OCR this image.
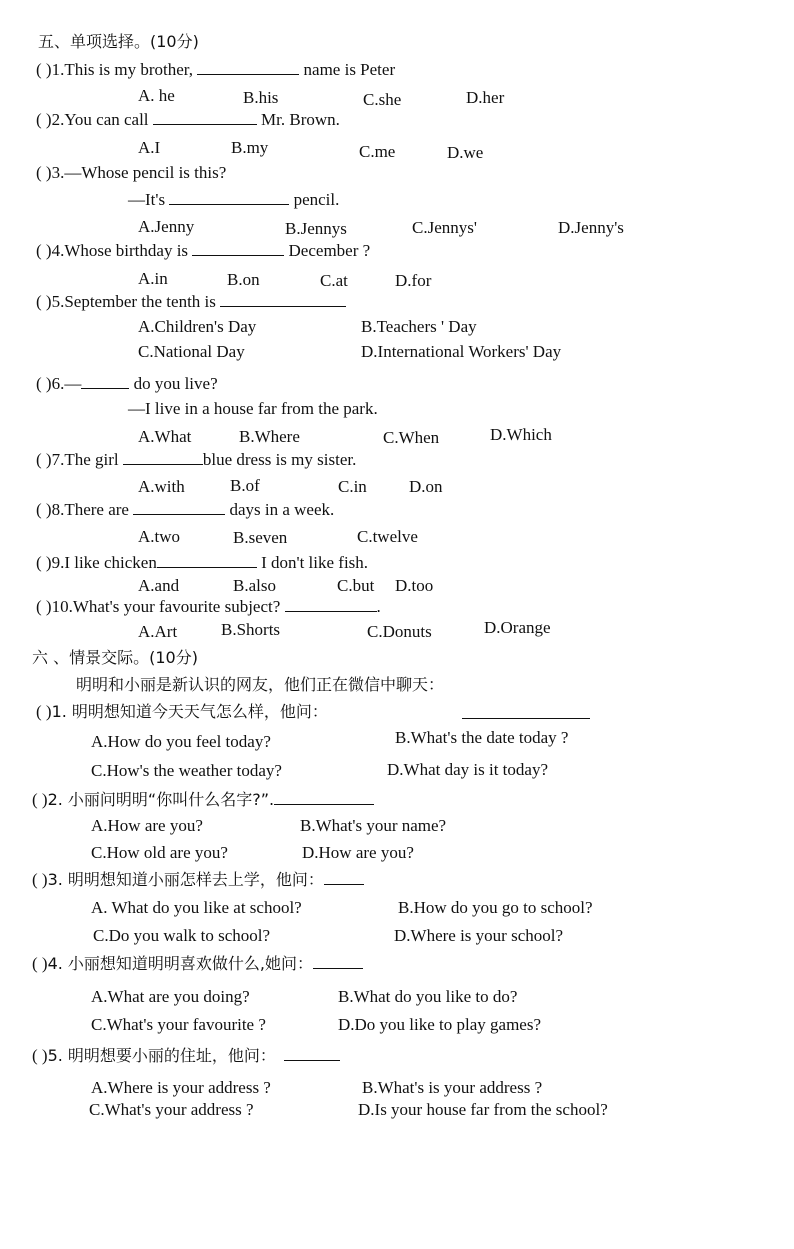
五、单项选择。(10分)
( )1.This is my brother,	name is Peter
A. he	B.his	C.she	D.her
( )2.You can call	Mr. Brown.
A.I	B.my	C.me	D.we
( )3.—Whose pencil is this?
—It's	pencil.
A.Jenny	B.Jennys	C.Jennys'	D.Jenny's
( )4.Whose birthday is	December ?
A.in	B.on	C.at	D.for
( )5.September the tenth is
A.Children's Day	B.Teachers ' Day
C.National Day	D.International Workers' Day
( )6.—	do you live?
—I live in a house far from the park.
A.What	B.Where	C.When	D.Which
( )7.The girl	blue dress is my sister.
A.with	B.of	C.in D.on
( )8.There are	days in a week.
A.two	B.seven	C.twelve
( )9.I like chicken	I don't like fish.
A.and	B.also	C.but D.too
( )10.What's your favourite subject?	.
A.Art	B.Shorts	C.Donuts	D.Orange
六 、情景交际。(10分)
明明和小丽是新认识的网友，他们正在微信中聊天：
( )1. 明明想知道今天天气怎么样，他问：
A.How do you feel today?	B.What's the date today ?
C.How's the weather today?	D.What day is it today?
( )2. 小丽问明明“你叫什么名字?”.
A.How are you?	B.What's your name?
C.How old are you?	D.How are you?
( )3. 明明想知道小丽怎样去上学，他问：
A. What do you like at school?	B.How do you go to school?
C.Do you walk to school?	D.Where is your school?
( )4. 小丽想知道明明喜欢做什么,她问：
A.What are you doing?	B.What do you like to do?
C.What's your favourite ?	D.Do you like to play games?
( )5. 明明想要小丽的住址，他问：
A.Where is your address ?	B.What's is your address ?
C.What's your address ?	D.Is your house far from the school?
